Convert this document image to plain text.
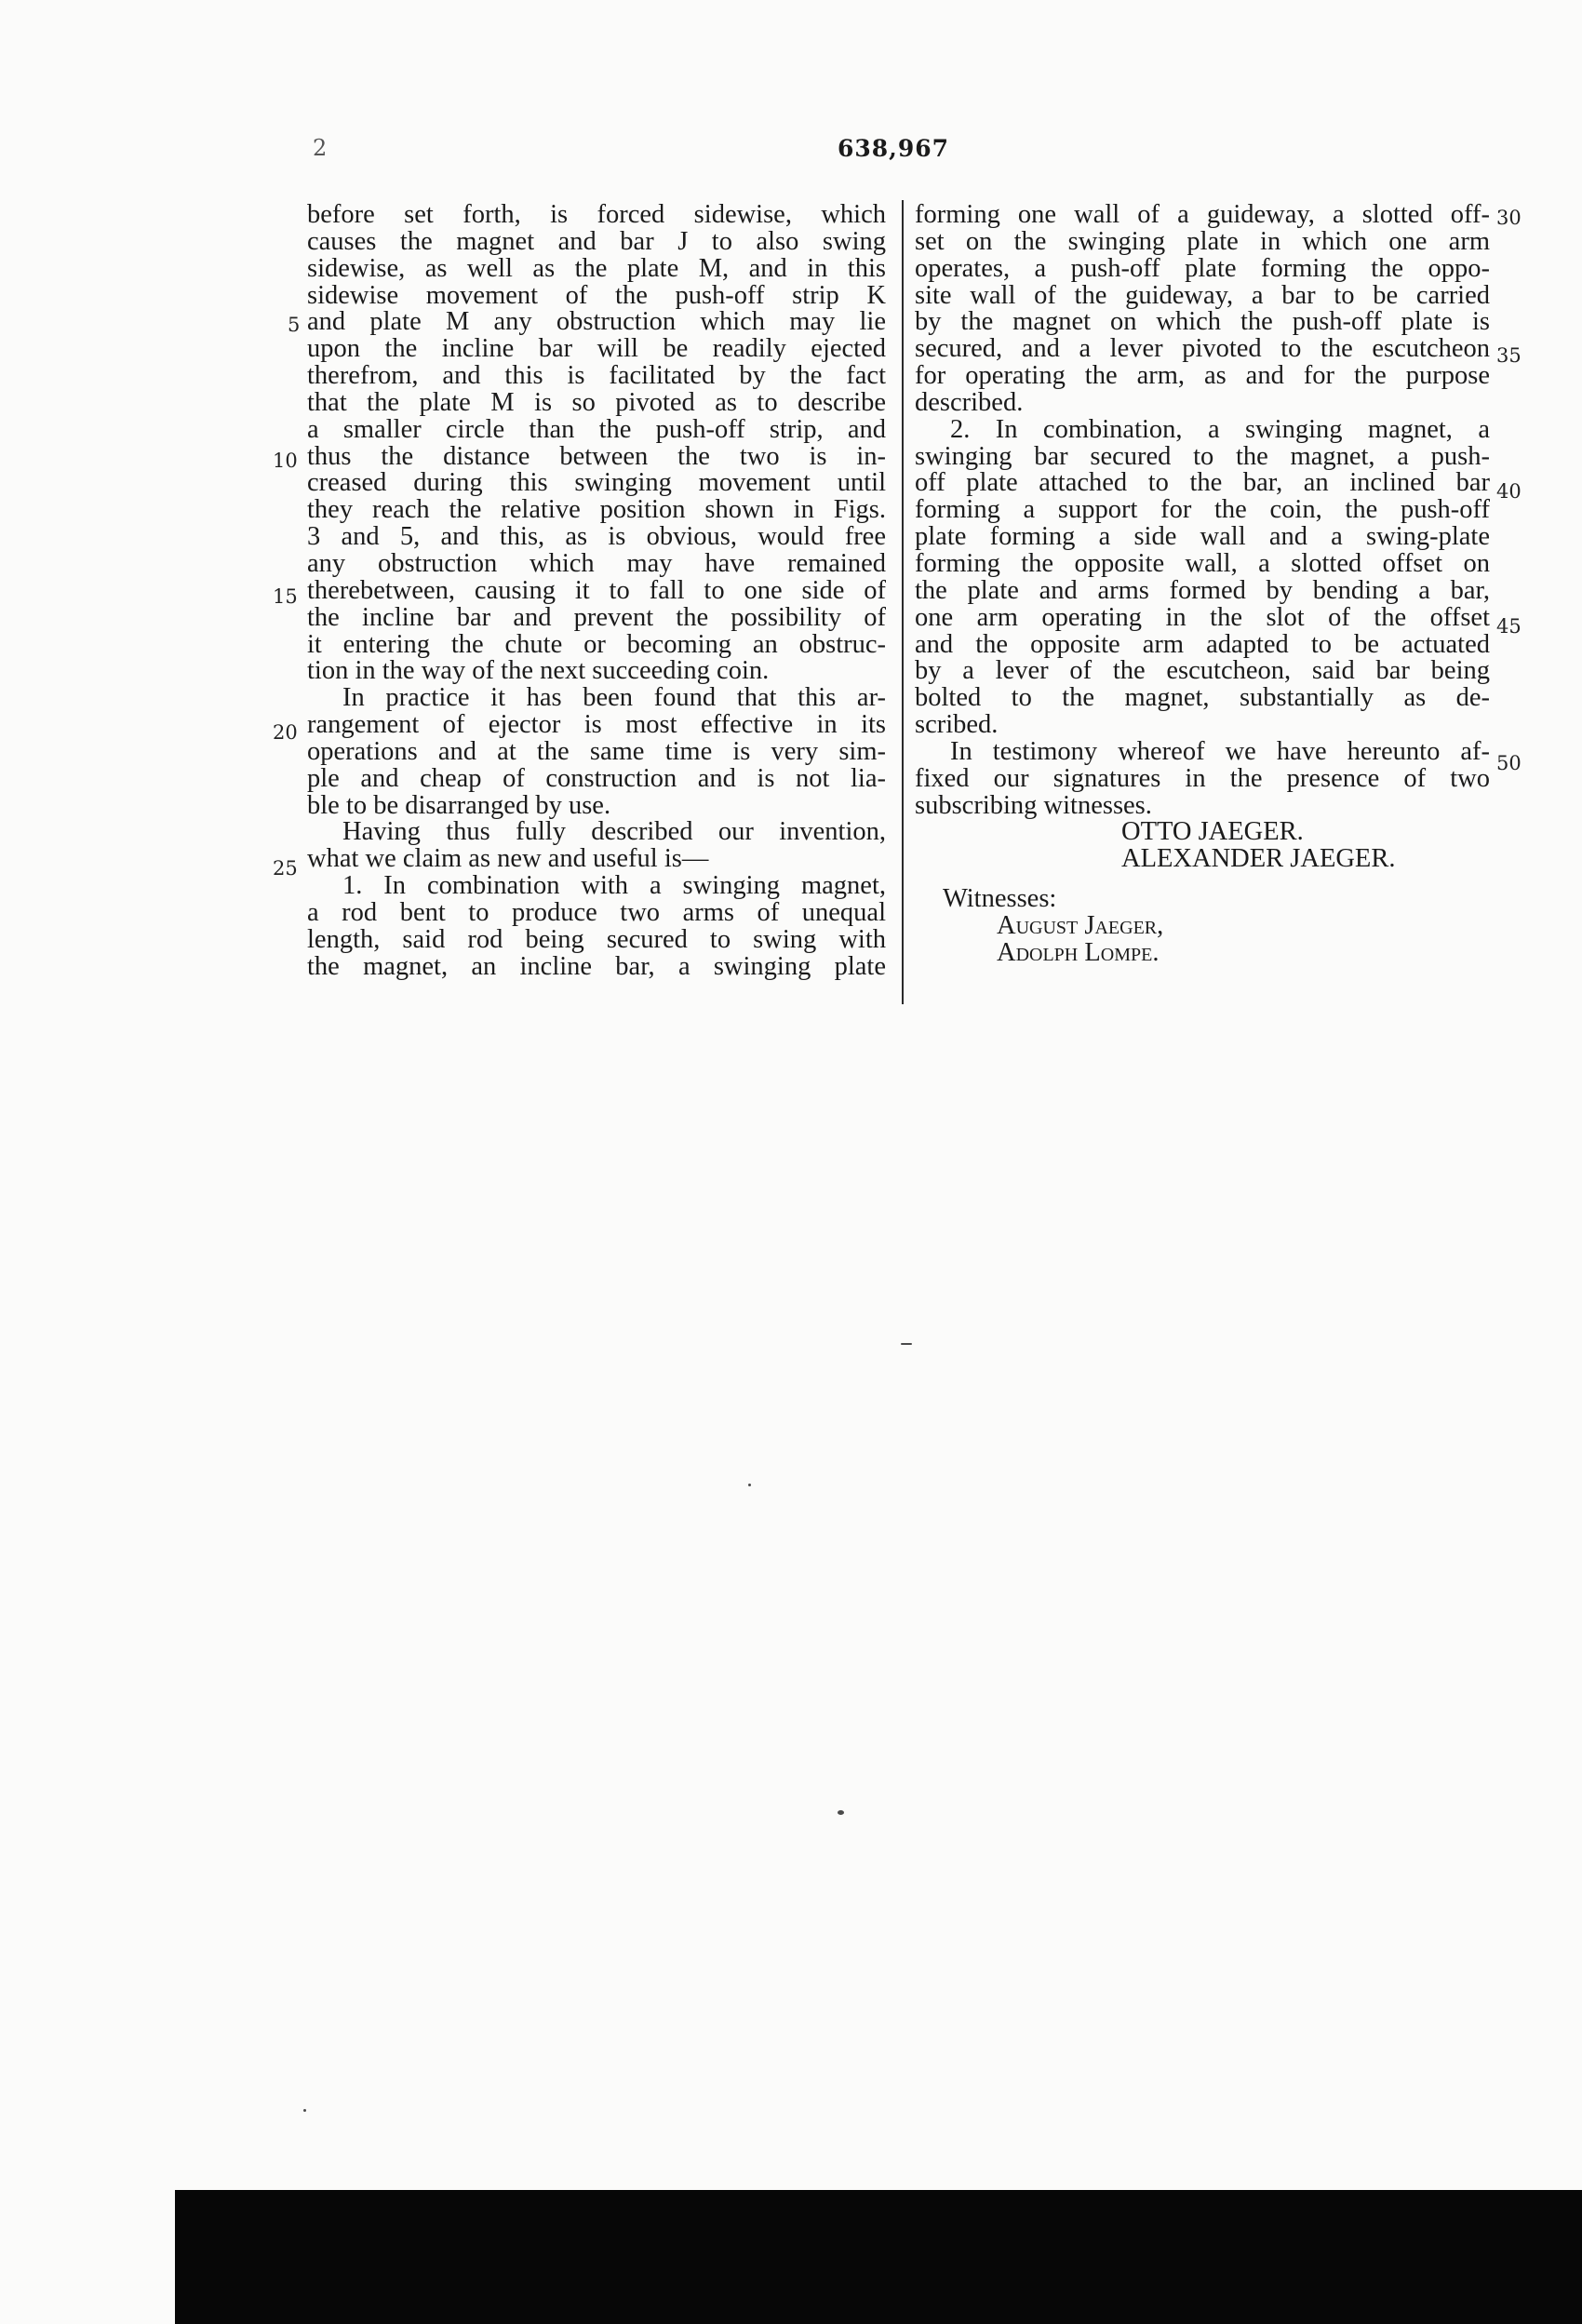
2	638,967
before set forth, is forced sidewise, which
causes the magnet and bar J to also swing
sidewise, as well as the plate M, and in this
sidewise movement of the push-off strip K
and plate M any obstruction which may lie
upon the incline bar will be readily ejected
therefrom, and this is facilitated by the fact
that the plate M is so pivoted as to describe
a smaller circle than the push-off strip, and
thus the distance between the two is in-
creased during this swinging movement until
they reach the relative position shown in Figs.
3 and 5, and this, as is obvious, would free
any obstruction which may have remained
therebetween, causing it to fall to one side of
the incline bar and prevent the possibility of
it entering the chute or becoming an obstruc-
tion in the way of the next succeeding coin.
In practice it has been found that this ar-
rangement of ejector is most effective in its
operations and at the same time is very sim-
ple and cheap of construction and is not lia-
ble to be disarranged by use.
Having thus fully described our invention,
what we claim as new and useful is—
1. In combination with a swinging magnet,
a rod bent to produce two arms of unequal
length, said rod being secured to swing with
the magnet, an incline bar, a swinging plate
forming one wall of a guideway, a slotted off-
set on the swinging plate in which one arm
operates, a push-off plate forming the oppo-
site wall of the guideway, a bar to be carried
by the magnet on which the push-off plate is
secured, and a lever pivoted to the escutcheon
for operating the arm, as and for the purpose
described.
2. In combination, a swinging magnet, a
swinging bar secured to the magnet, a push-
off plate attached to the bar, an inclined bar
forming a support for the coin, the push-off
plate forming a side wall and a swing-plate
forming the opposite wall, a slotted offset on
the plate and arms formed by bending a bar,
one arm operating in the slot of the offset
and the opposite arm adapted to be actuated
by a lever of the escutcheon, said bar being
bolted to the magnet, substantially as de-
scribed.
In testimony whereof we have hereunto af-
fixed our signatures in the presence of two
subscribing witnesses.
OTTO JAEGER.
ALEXANDER JAEGER.
Witnesses:
August Jaeger,
Adolph Lompe.
5
10
15
20
25
30
35
40
45
50
